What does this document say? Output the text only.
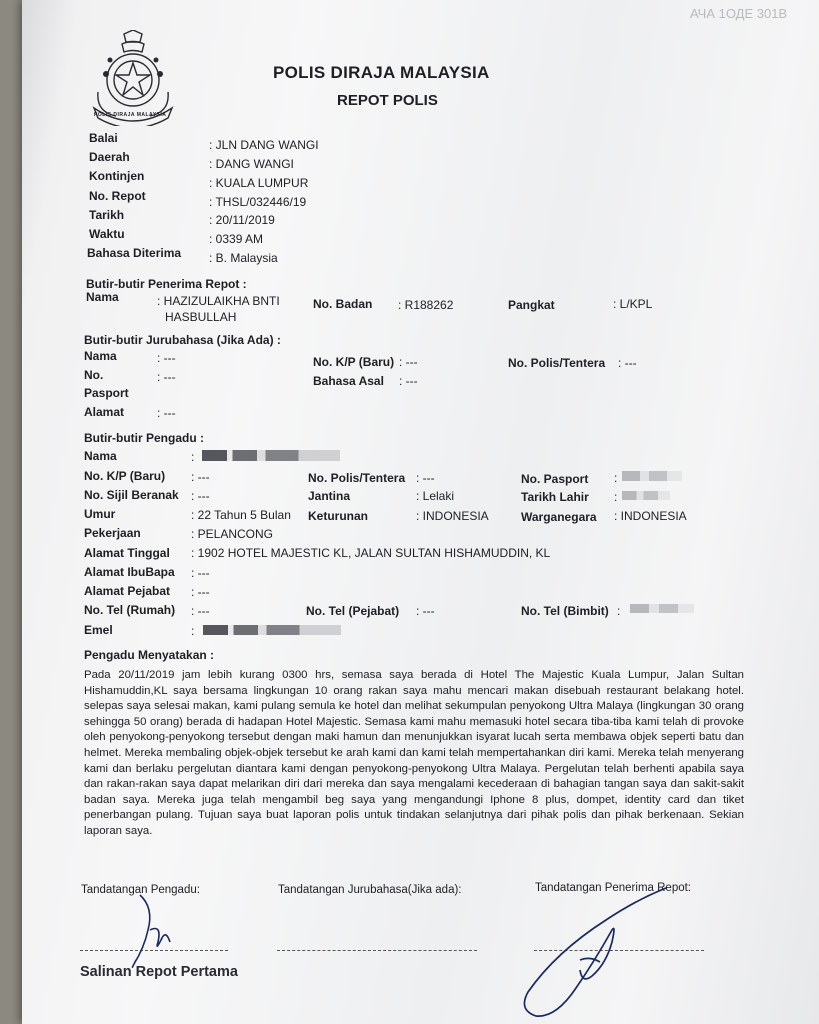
АЧА 1ОДЕ 301В
POLIS DIRAJA MALAYSIA
POLIS DIRAJA MALAYSIA
REPOT POLIS
Balai	: JLN DANG WANGI
Daerah	: DANG WANGI
Kontinjen	: KUALA LUMPUR
No. Repot	: THSL/032446/19
Tarikh	: 20/11/2019
Waktu	: 0339 AM
Bahasa Diterima : B. Malaysia
Butir-butir Penerima Repot :
Nama	: HAZIZULAIKHA BNTI
HASBULLAH
No. Badan : R188262	Pangkat	: L/KPL
Butir-butir Jurubahasa (Jika Ada) :
Nama	: ---	No. K/P (Baru) : ---	No. Polis/Tentera : ---
No.	: ---	Bahasa Asal : ---
Pasport
Alamat	: ---
Butir-butir Pengadu :
Nama	:
No. K/P (Baru) : ---	No. Polis/Tentera : ---	No. Pasport :
No. Sijil Beranak : ---	Jantina	: Lelaki	Tarikh Lahir :
Umur	: 22 Tahun 5 Bulan Keturunan	: INDONESIA	Warganegara : INDONESIA
Pekerjaan	: PELANCONG
Alamat Tinggal : 1902 HOTEL MAJESTIC KL, JALAN SULTAN HISHAMUDDIN, KL
Alamat IbuBapa : ---
Alamat Pejabat : ---
No. Tel (Rumah) : ---	No. Tel (Pejabat) : ---	No. Tel (Bimbit) :
Emel	:
Pengadu Menyatakan :
Pada 20/11/2019 jam lebih kurang 0300 hrs, semasa saya berada di Hotel The Majestic Kuala Lumpur, Jalan Sultan Hishamuddin,KL saya bersama lingkungan 10 orang rakan saya mahu mencari makan disebuah restaurant belakang hotel. selepas saya selesai makan, kami pulang semula ke hotel dan melihat sekumpulan penyokong Ultra Malaya (lingkungan 30 orang sehingga 50 orang) berada di hadapan Hotel Majestic. Semasa kami mahu memasuki hotel secara tiba-tiba kami telah di provoke oleh penyokong-penyokong tersebut dengan maki hamun dan menunjukkan isyarat lucah serta membawa objek seperti batu dan helmet. Mereka membaling objek-objek tersebut ke arah kami dan kami telah mempertahankan diri kami. Mereka telah menyerang kami dan berlaku pergelutan diantara kami dengan penyokong-penyokong Ultra Malaya. Pergelutan telah berhenti apabila saya dan rakan-rakan saya dapat melarikan diri dari mereka dan saya mengalami kecederaan di bahagian tangan saya dan sakit-sakit badan saya. Mereka juga telah mengambil beg saya yang mengandungi Iphone 8 plus, dompet, identity card dan tiket penerbangan pulang. Tujuan saya buat laporan polis untuk tindakan selanjutnya dari pihak polis dan pihak berkenaan. Sekian laporan saya.
Tandatangan Pengadu:	Tandatangan Jurubahasa(Jika ada):	Tandatangan Penerima Repot:
Salinan Repot Pertama
